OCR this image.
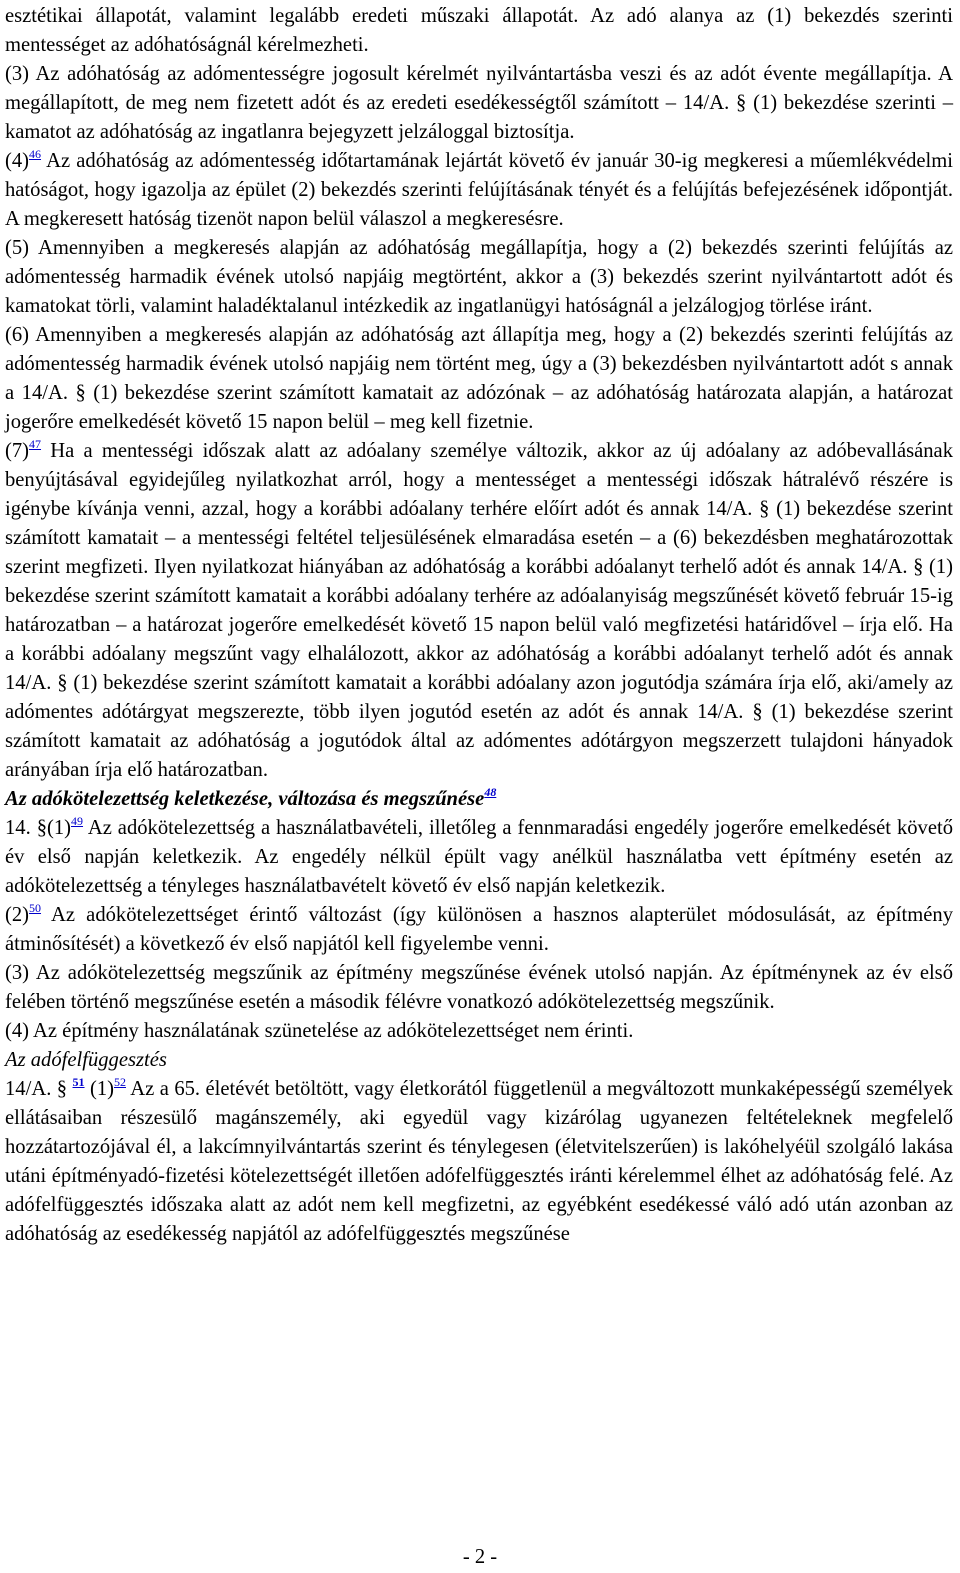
esztétikai állapotát, valamint legalább eredeti műszaki állapotát. Az adó alanya az (1) bekezdés szerinti mentességet az adóhatóságnál kérelmezheti.

(3) Az adóhatóság az adómentességre jogosult kérelmét nyilvántartásba veszi és az adót évente megállapítja. A megállapított, de meg nem fizetett adót és az eredeti esedékességtől számított – 14/A. § (1) bekezdése szerinti – kamatot az adóhatóság az ingatlanra bejegyzett jelzáloggal biztosítja.

(4)$^{46}$ Az adóhatóság az adómentesség időtartamának lejártát követő év január 30-ig megkeresi a műemlékvédelmi hatóságot, hogy igazolja az épület (2) bekezdés szerinti felújításának tényét és a felújítás befejezésének időpontját. A megkeresett hatóság tizenöt napon belül válaszol a megkeresésre.

(5) Amennyiben a megkeresés alapján az adóhatóság megállapítja, hogy a (2) bekezdés szerinti felújítás az adómentesség harmadik évének utolsó napjáig megtörtént, akkor a (3) bekezdés szerint nyilvántartott adót és kamatokat törli, valamint haladéktalanul intézkedik az ingatlanügyi hatóságnál a jelzálogjog törlése iránt.

(6) Amennyiben a megkeresés alapján az adóhatóság azt állapítja meg, hogy a (2) bekezdés szerinti felújítás az adómentesség harmadik évének utolsó napjáig nem történt meg, úgy a (3) bekezdésben nyilvántartott adót s annak a 14/A. § (1) bekezdése szerint számított kamatait az adózónak – az adóhatóság határozata alapján, a határozat jogerőre emelkedését követő 15 napon belül – meg kell fizetnie.

(7)$^{47}$ Ha a mentességi időszak alatt az adóalany személye változik, akkor az új adóalany az adóbevallásának benyújtásával egyidejűleg nyilatkozhat arról, hogy a mentességet a mentességi időszak hátralévő részére is igénybe kívánja venni, azzal, hogy a korábbi adóalany terhére előírt adót és annak 14/A. § (1) bekezdése szerint számított kamatait – a mentességi feltétel teljesülésének elmaradása esetén – a (6) bekezdésben meghatározottak szerint megfizeti. Ilyen nyilatkozat hiányában az adóhatóság a korábbi adóalanyt terhelő adót és annak 14/A. § (1) bekezdése szerint számított kamatait a korábbi adóalany terhére az adóalanyiság megszűnését követő február 15-ig határozatban – a határozat jogerőre emelkedését követő 15 napon belül való megfizetési határidővel – írja elő. Ha a korábbi adóalany megszűnt vagy elhalálozott, akkor az adóhatóság a korábbi adóalanyt terhelő adót és annak 14/A. § (1) bekezdése szerint számított kamatait a korábbi adóalany azon jogutódja számára írja elő, aki/amely az adómentes adótárgyat megszerezte, több ilyen jogutód esetén az adót és annak 14/A. § (1) bekezdése szerint számított kamatait az adóhatóság a jogutódok által az adómentes adótárgyon megszerzett tulajdoni hányadok arányában írja elő határozatban.

Az adókötelezettség keletkezése, változása és megszűnése$^{48}$

14. §(1)$^{49}$ Az adókötelezettség a használatbavételi, illetőleg a fennmaradási engedély jogerőre emelkedését követő év első napján keletkezik. Az engedély nélkül épült vagy anélkül használatba vett építmény esetén az adókötelezettség a tényleges használatbavételt követő év első napján keletkezik.

(2)$^{50}$ Az adókötelezettséget érintő változást (így különösen a hasznos alapterület módosulását, az építmény átminősítését) a következő év első napjától kell figyelembe venni.

(3) Az adókötelezettség megszűnik az építmény megszűnése évének utolsó napján. Az építménynek az év első felében történő megszűnése esetén a második félévre vonatkozó adókötelezettség megszűnik.

(4) Az építmény használatának szünetelése az adókötelezettséget nem érinti.

Az adófelfüggesztés

14/A. § $^{51}$ (1)$^{52}$ Az a 65. életévét betöltött, vagy életkorától függetlenül a megváltozott munkaképességű személyek ellátásaiban részesülő magánszemély, aki egyedül vagy kizárólag ugyanezen feltételeknek megfelelő hozzátartozójával él, a lakcímnyilvántartás szerint és ténylegesen (életvitelszerűen) is lakóhelyéül szolgáló lakása utáni építményadó-fizetési kötelezettségét illetően adófelfüggesztés iránti kérelemmel élhet az adóhatóság felé. Az adófelfüggesztés időszaka alatt az adót nem kell megfizetni, az egyébként esedékessé váló adó után azonban az adóhatóság az esedékesség napjától az adófelfüggesztés megszűnése

- 2 -
